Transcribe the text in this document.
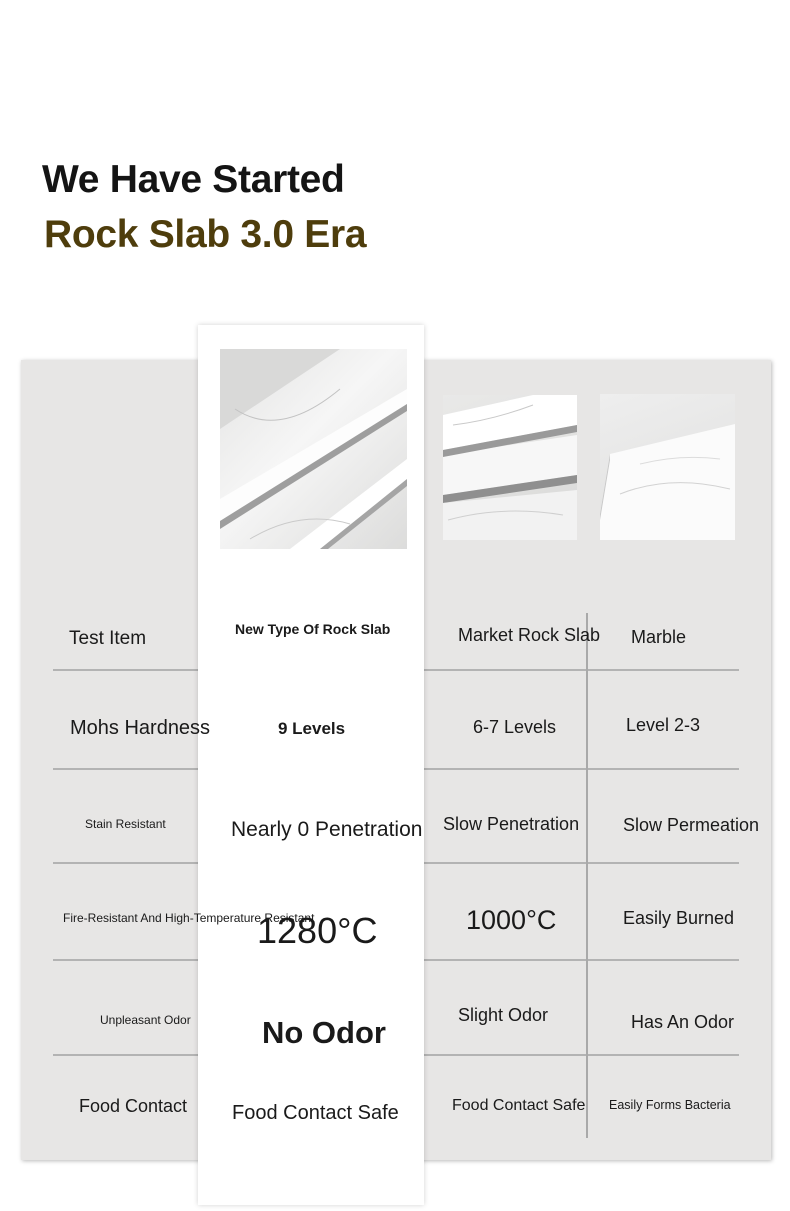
We Have Started
Rock Slab 3.0 Era
Test Item
Mohs Hardness
Stain Resistant
Fire-Resistant And High-Temperature Resistant
Unpleasant Odor
Food Contact
Market Rock Slab
6-7 Levels
Slow Penetration
1000°C
Slight Odor
Food Contact Safe
Marble
Level 2-3
Slow Permeation
Easily Burned
Has An Odor
Easily Forms Bacteria
New Type Of Rock Slab
9 Levels
Nearly 0 Penetration
1280°C
No Odor
Food Contact Safe
